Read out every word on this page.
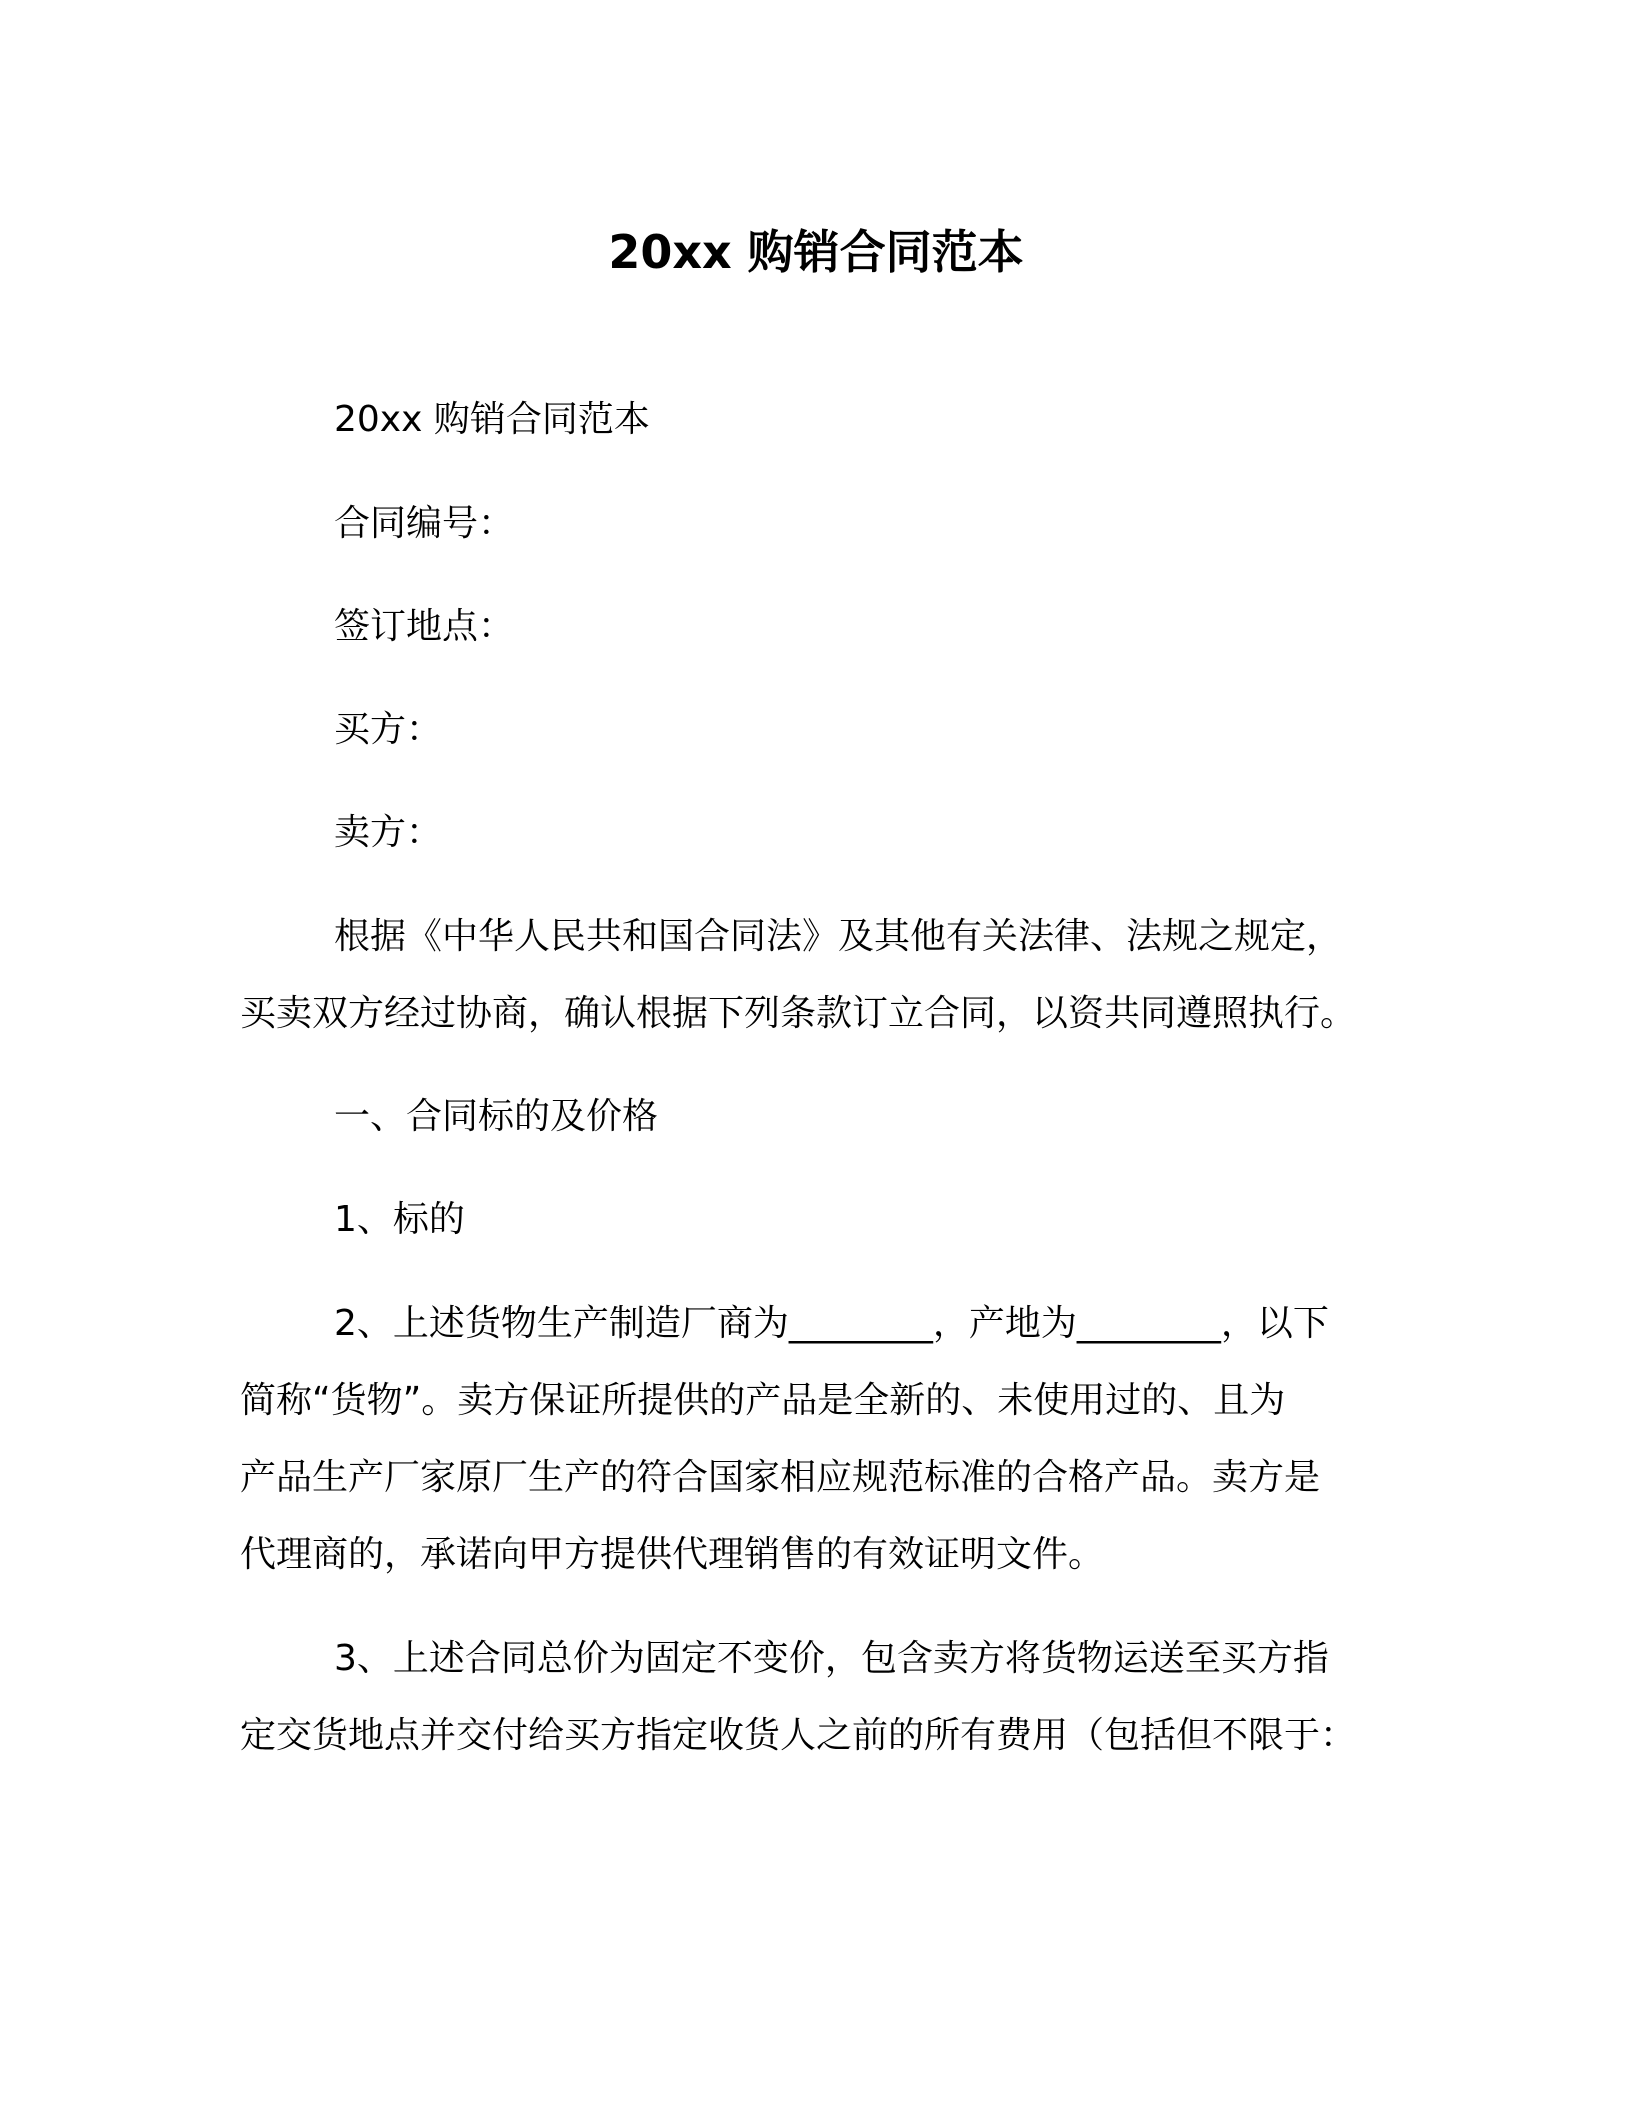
20xx 购销合同范本

20xx 购销合同范本

合同编号：

签订地点：

买方：

卖方：

根据《中华人民共和国合同法》及其他有关法律、法规之规定，

买卖双方经过协商，确认根据下列条款订立合同，以资共同遵照执行。

一、合同标的及价格

1、标的

2、上述货物生产制造厂商为________，产地为________，以下

简称“货物”。卖方保证所提供的产品是全新的、未使用过的、且为

产品生产厂家原厂生产的符合国家相应规范标准的合格产品。卖方是

代理商的，承诺向甲方提供代理销售的有效证明文件。

3、上述合同总价为固定不变价，包含卖方将货物运送至买方指

定交货地点并交付给买方指定收货人之前的所有费用（包括但不限于：
